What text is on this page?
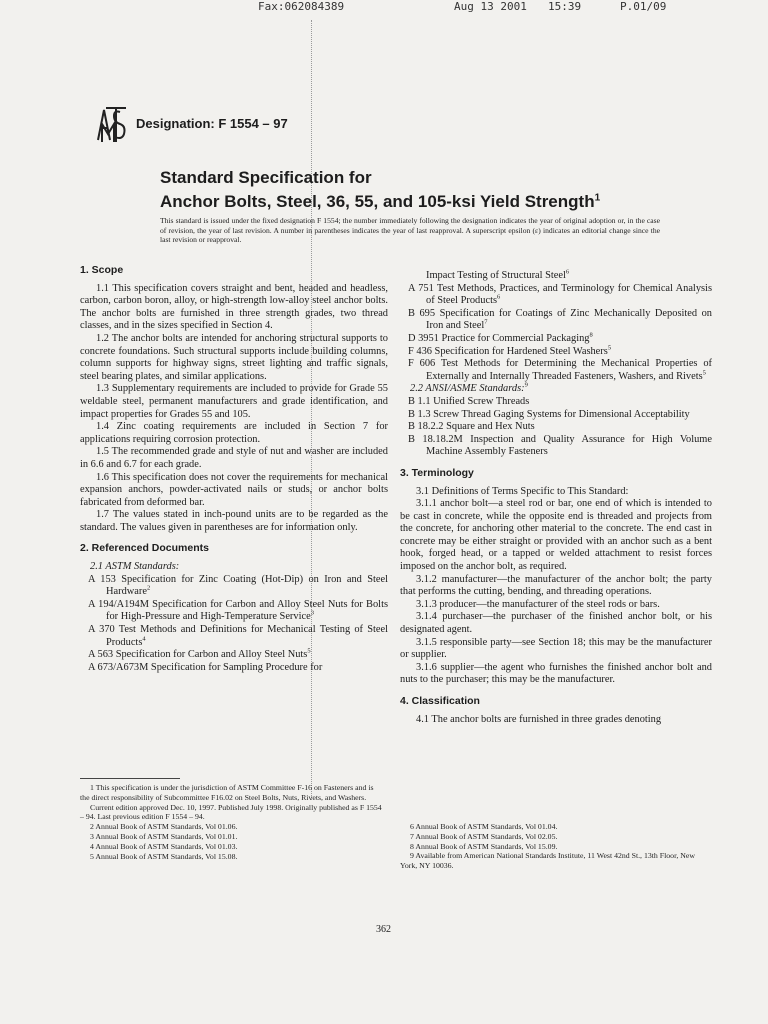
Fax:062084389	Aug 13 2001 15:39	P.01/09
Designation: F 1554 – 97
Standard Specification for
Anchor Bolts, Steel, 36, 55, and 105-ksi Yield Strength$^1$
This standard is issued under the fixed designation F 1554; the number immediately following the designation indicates the year of original adoption or, in the case of revision, the year of last revision. A number in parentheses indicates the year of last reapproval. A superscript epsilon (ε) indicates an editorial change since the last revision or reapproval.
1. Scope

1.1 This specification covers straight and bent, headed and headless, carbon, carbon boron, alloy, or high-strength low-alloy steel anchor bolts. The anchor bolts are furnished in three strength grades, two thread classes, and in the sizes specified in Section 4.

1.2 The anchor bolts are intended for anchoring structural supports to concrete foundations. Such structural supports include building columns, column supports for highway signs, street lighting and traffic signals, steel bearing plates, and similar applications.

1.3 Supplementary requirements are included to provide for Grade 55 weldable steel, permanent manufacturers and grade identification, and impact properties for Grades 55 and 105.

1.4 Zinc coating requirements are included in Section 7 for applications requiring corrosion protection.

1.5 The recommended grade and style of nut and washer are included in 6.6 and 6.7 for each grade.

1.6 This specification does not cover the requirements for mechanical expansion anchors, powder-activated nails or studs, or anchor bolts fabricated from deformed bar.

1.7 The values stated in inch-pound units are to be regarded as the standard. The values given in parentheses are for information only.

2. Referenced Documents

2.1 ASTM Standards:

A 153 Specification for Zinc Coating (Hot-Dip) on Iron and Steel Hardware$^2$

A 194/A194M Specification for Carbon and Alloy Steel Nuts for Bolts for High-Pressure and High-Temperature Service$^3$

A 370 Test Methods and Definitions for Mechanical Testing of Steel Products$^4$

A 563 Specification for Carbon and Alloy Steel Nuts$^5$

A 673/A673M Specification for Sampling Procedure for

Impact Testing of Structural Steel$^6$

A 751 Test Methods, Practices, and Terminology for Chemical Analysis of Steel Products$^6$

B 695 Specification for Coatings of Zinc Mechanically Deposited on Iron and Steel$^7$

D 3951 Practice for Commercial Packaging$^8$

F 436 Specification for Hardened Steel Washers$^5$

F 606 Test Methods for Determining the Mechanical Properties of Externally and Internally Threaded Fasteners, Washers, and Rivets$^5$

2.2 ANSI/ASME Standards:$^9$

B 1.1 Unified Screw Threads

B 1.3 Screw Thread Gaging Systems for Dimensional Acceptability

B 18.2.2 Square and Hex Nuts

B 18.18.2M Inspection and Quality Assurance for High Volume Machine Assembly Fasteners

3. Terminology

3.1 Definitions of Terms Specific to This Standard:

3.1.1 anchor bolt—a steel rod or bar, one end of which is intended to be cast in concrete, while the opposite end is threaded and projects from the concrete, for anchoring other material to the concrete. The end cast in concrete may be either straight or provided with an anchor such as a bent hook, forged head, or a tapped or welded attachment to resist forces imposed on the anchor bolt, as required.

3.1.2 manufacturer—the manufacturer of the anchor bolt; the party that performs the cutting, bending, and threading operations.

3.1.3 producer—the manufacturer of the steel rods or bars.

3.1.4 purchaser—the purchaser of the finished anchor bolt, or his designated agent.

3.1.5 responsible party—see Section 18; this may be the manufacturer or supplier.

3.1.6 supplier—the agent who furnishes the finished anchor bolt and nuts to the purchaser; this may be the manufacturer.

4. Classification

4.1 The anchor bolts are furnished in three grades denoting

1 This specification is under the jurisdiction of ASTM Committee F-16 on Fasteners and is the direct responsibility of Subcommittee F16.02 on Steel Bolts, Nuts, Rivets, and Washers.

Current edition approved Dec. 10, 1997. Published July 1998. Originally published as F 1554 – 94. Last previous edition F 1554 – 94.

2 Annual Book of ASTM Standards, Vol 01.06.

3 Annual Book of ASTM Standards, Vol 01.01.

4 Annual Book of ASTM Standards, Vol 01.03.

5 Annual Book of ASTM Standards, Vol 15.08.

6 Annual Book of ASTM Standards, Vol 01.04.

7 Annual Book of ASTM Standards, Vol 02.05.

8 Annual Book of ASTM Standards, Vol 15.09.

9 Available from American National Standards Institute, 11 West 42nd St., 13th Floor, New York, NY 10036.

362
